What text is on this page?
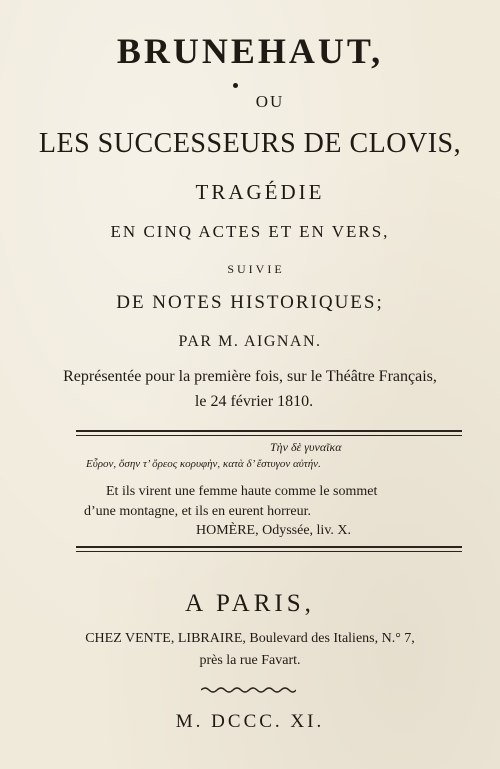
BRUNEHAUT,
OU
LES SUCCESSEURS DE CLOVIS,
TRAGÉDIE
EN CINQ ACTES ET EN VERS,
SUIVIE
DE NOTES HISTORIQUES;
PAR M. AIGNAN.
Représentée pour la première fois, sur le Théâtre Français,
le 24 février 1810.
Τὴν δὲ γυναῖκα
Εὗρον, ὅσην τ’ ὄρεος κορυφὴν, κατὰ δ’ ἔστυγον αὐτήν.
Et ils virent une femme haute comme le sommet
d’une montagne, et ils en eurent horreur.
HOMÈRE, Odyssée, liv. X.
A PARIS,
CHEZ VENTE, LIBRAIRE, Boulevard des Italiens, N.° 7,
près la rue Favart.
M. DCCC. XI.
